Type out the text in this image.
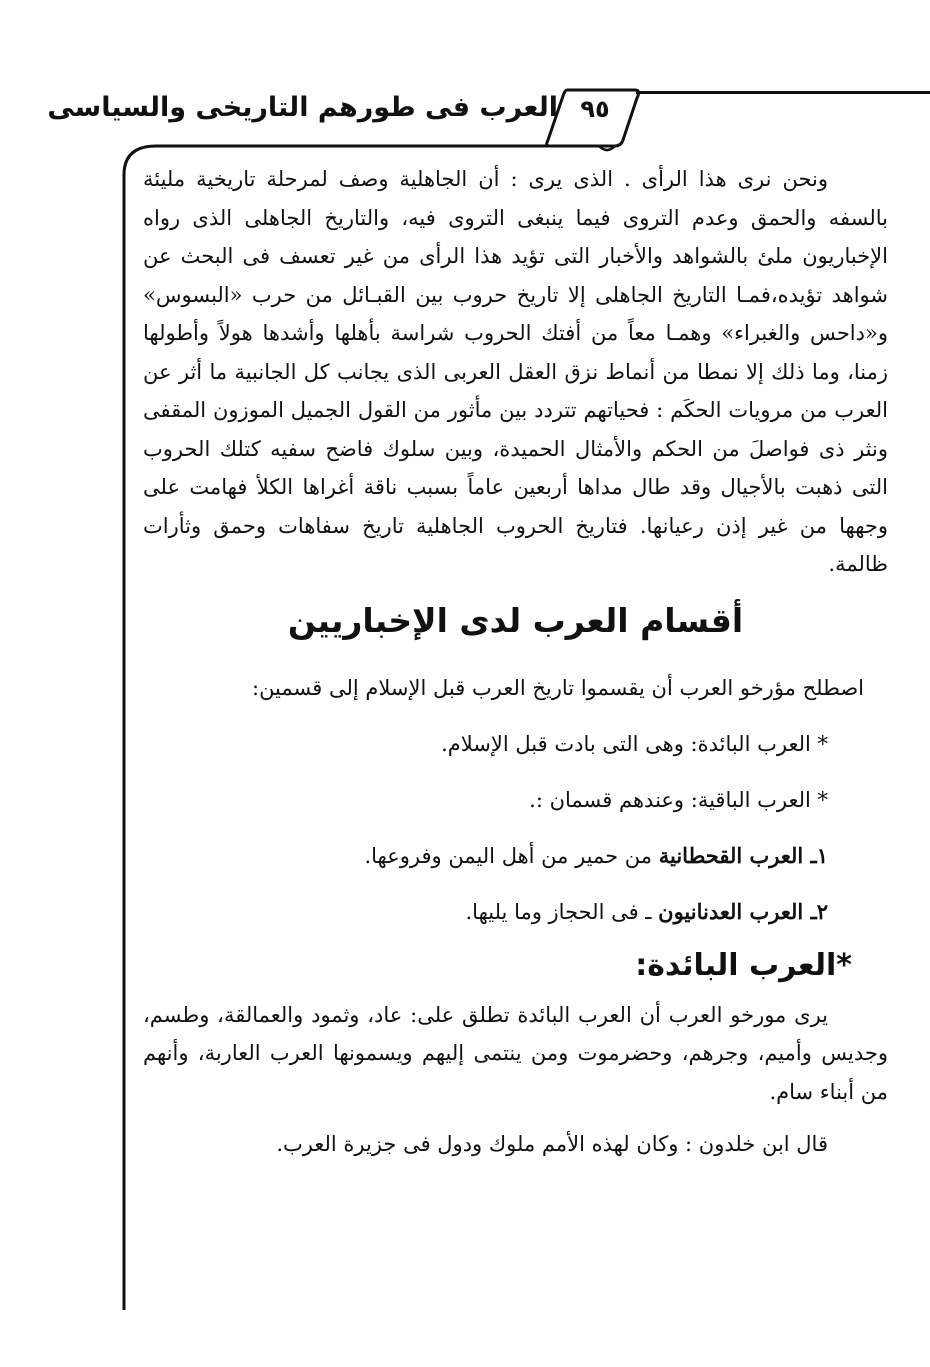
العرب فى طورهم التاريخى والسياسى ٩٥

ونحن نرى هذا الرأى . الذى يرى : أن الجاهلية وصف لمرحلة تاريخية مليئة بالسفه والحمق وعدم التروى فيما ينبغى التروى فيه، والتاريخ الجاهلى الذى رواه الإخباريون ملئ بالشواهد والأخبار التى تؤيد هذا الرأى من غير تعسف فى البحث عن شواهد تؤيده،فمـا التاريخ الجاهلى إلا تاريخ حروب بين القبـائل من حرب «البسوس» و«داحس والغبراء» وهمـا معاً من أفتك الحروب شراسة بأهلها وأشدها هولاً وأطولها زمنا، وما ذلك إلا نمطا من أنماط نزق العقل العربى الذى يجانب كل الجانبية ما أثر عن العرب من مرويات الحكَم : فحياتهم تتردد بين مأثور من القول الجميل الموزون المقفى ونثر ذى فواصلَ من الحكم والأمثال الحميدة، وبين سلوك فاضح سفيه كتلك الحروب التى ذهبت بالأجيال وقد طال مداها أربعين عاماً بسبب ناقة أغراها الكلأ فهامت على وجهها من غير إذن رعيانها. فتاريخ الحروب الجاهلية تاريخ سفاهات وحمق وثأرات ظالمة.

أقسام العرب لدى الإخباريين

اصطلح مؤرخو العرب أن يقسموا تاريخ العرب قبل الإسلام إلى قسمين:

* العرب البائدة: وهى التى بادت قبل الإسلام.

* العرب الباقية: وعندهم قسمان :.

١ـ العرب القحطانية من حمير من أهل اليمن وفروعها.

٢ـ العرب العدنانيون ـ فى الحجاز وما يليها.

*العرب البائدة:

يرى مورخو العرب أن العرب البائدة تطلق على: عاد، وثمود والعمالقة، وطسم، وجديس وأميم، وجرهم، وحضرموت ومن ينتمى إليهم ويسمونها العرب العاربة، وأنهم من أبناء سام.

قال ابن خلدون : وكان لهذه الأمم ملوك ودول فى جزيرة العرب.
